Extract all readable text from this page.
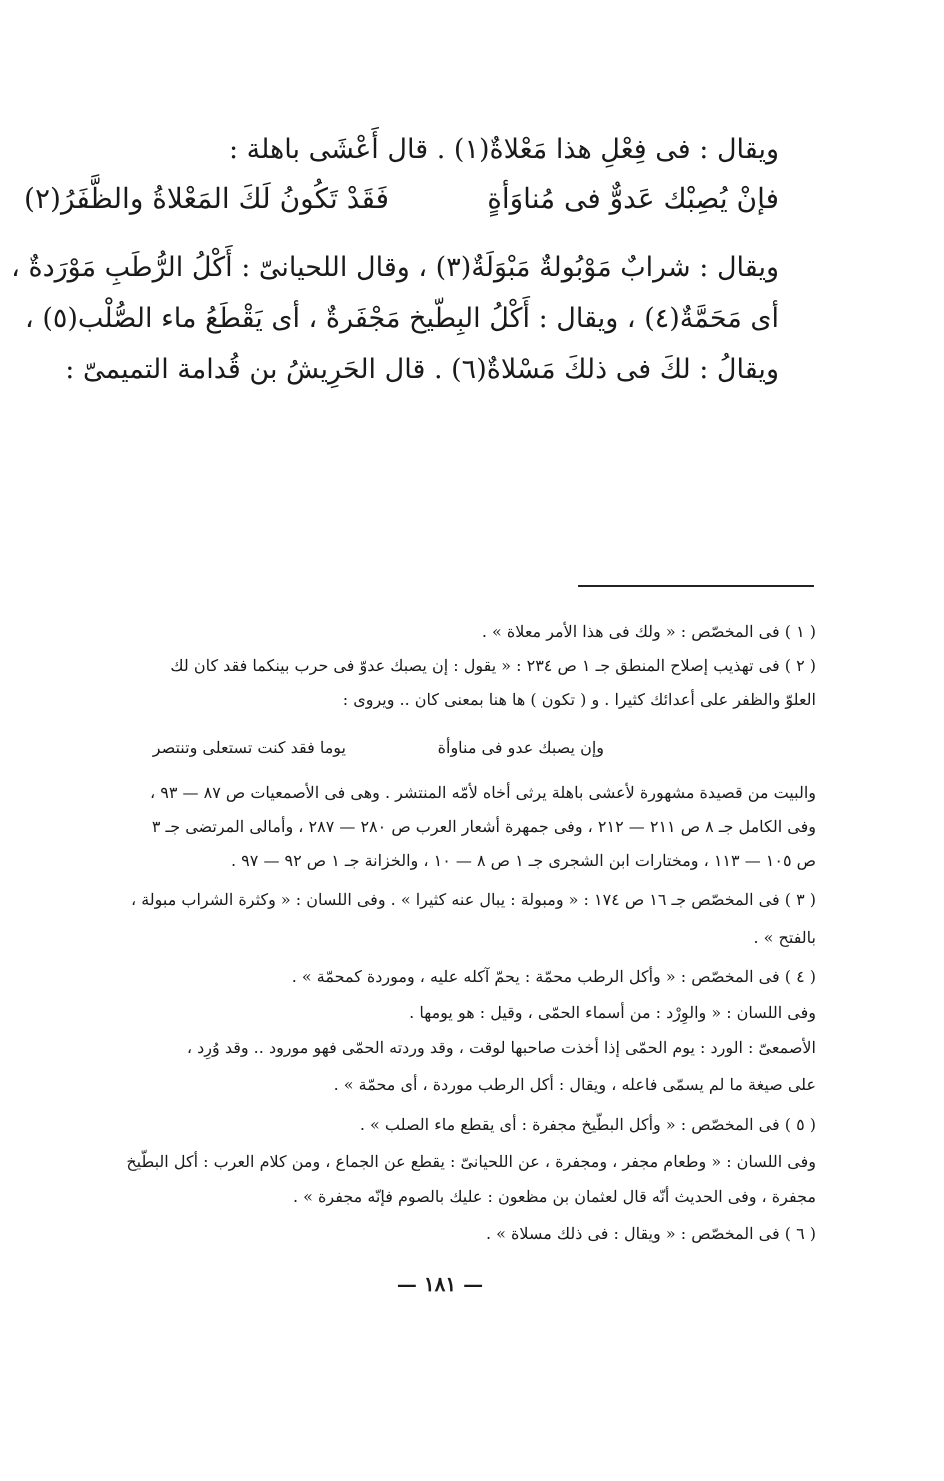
ويقال : فى فِعْلِ هذا مَعْلاةٌ(١) . قال أَعْشَى باهلة :
فإنْ يُصِبْك عَدوٌّ فى مُناوَأةٍ
فَقَدْ تَكُونُ لَكَ المَعْلاةُ والظَّفَرُ(٢)
ويقال : شرابٌ مَوْبُولةٌ مَبْوَلَةٌ(٣) ، وقال اللحيانىّ : أَكْلُ الرُّطَبِ مَوْرَدةٌ ،
أى مَحَمَّةٌ(٤) ، ويقال : أَكْلُ البِطّيخ مَجْفَرةٌ ، أى يَقْطَعُ ماء الصُّلْب(٥) ،
ويقالُ : لكَ فى ذلكَ مَسْلاةٌ(٦) . قال الحَرِيشُ بن قُدامة التميمىّ :
( ١ ) فى المخصّص : « ولك فى هذا الأمر معلاة » .
( ٢ ) فى تهذيب إصلاح المنطق جـ ١ ص ٢٣٤ : « يقول : إن يصبك عدوّ فى حرب بينكما فقد كان لك
العلوّ والظفر على أعدائك كثيرا . و ( تكون ) ها هنا بمعنى كان .. ويروى :
وإن يصبك عدو فى مناوأة
يوما فقد كنت تستعلى وتنتصر
والبيت من قصيدة مشهورة لأعشى باهلة يرثى أخاه لأمّه المنتشر . وهى فى الأصمعيات ص ٨٧ — ٩٣ ،
وفى الكامل جـ ٨ ص ٢١١ — ٢١٢ ، وفى جمهرة أشعار العرب ص ٢٨٠ — ٢٨٧ ، وأمالى المرتضى جـ ٣
ص ١٠٥ — ١١٣ ، ومختارات ابن الشجرى جـ ١ ص ٨ — ١٠ ، والخزانة جـ ١ ص ٩٢ — ٩٧ .
( ٣ ) فى المخصّص جـ ١٦ ص ١٧٤ : « ومبولة : يبال عنه كثيرا » . وفى اللسان : « وكثرة الشراب مبولة ،
بالفتح » .
( ٤ ) فى المخصّص : « وأكل الرطب محمّة : يحمّ آكله عليه ، وموردة كمحمّة » .
وفى اللسان : « والوِرْد : من أسماء الحمّى ، وقيل : هو يومها .
الأصمعىّ : الورد : يوم الحمّى إذا أخذت صاحبها لوقت ، وقد وردته الحمّى فهو مورود .. وقد وُرِد ،
على صيغة ما لم يسمّى فاعله ، ويقال : أكل الرطب موردة ، أى محمّة » .
( ٥ ) فى المخصّص : « وأكل البطّيخ مجفرة : أى يقطع ماء الصلب » .
وفى اللسان : « وطعام مجفر ، ومجفرة ، عن اللحيانىّ : يقطع عن الجماع ، ومن كلام العرب : أكل البطّيخ
مجفرة ، وفى الحديث أنّه قال لعثمان بن مظعون : عليك بالصوم فإنّه مجفرة » .
( ٦ ) فى المخصّص : « ويقال : فى ذلك مسلاة » .
— ١٨١ —
